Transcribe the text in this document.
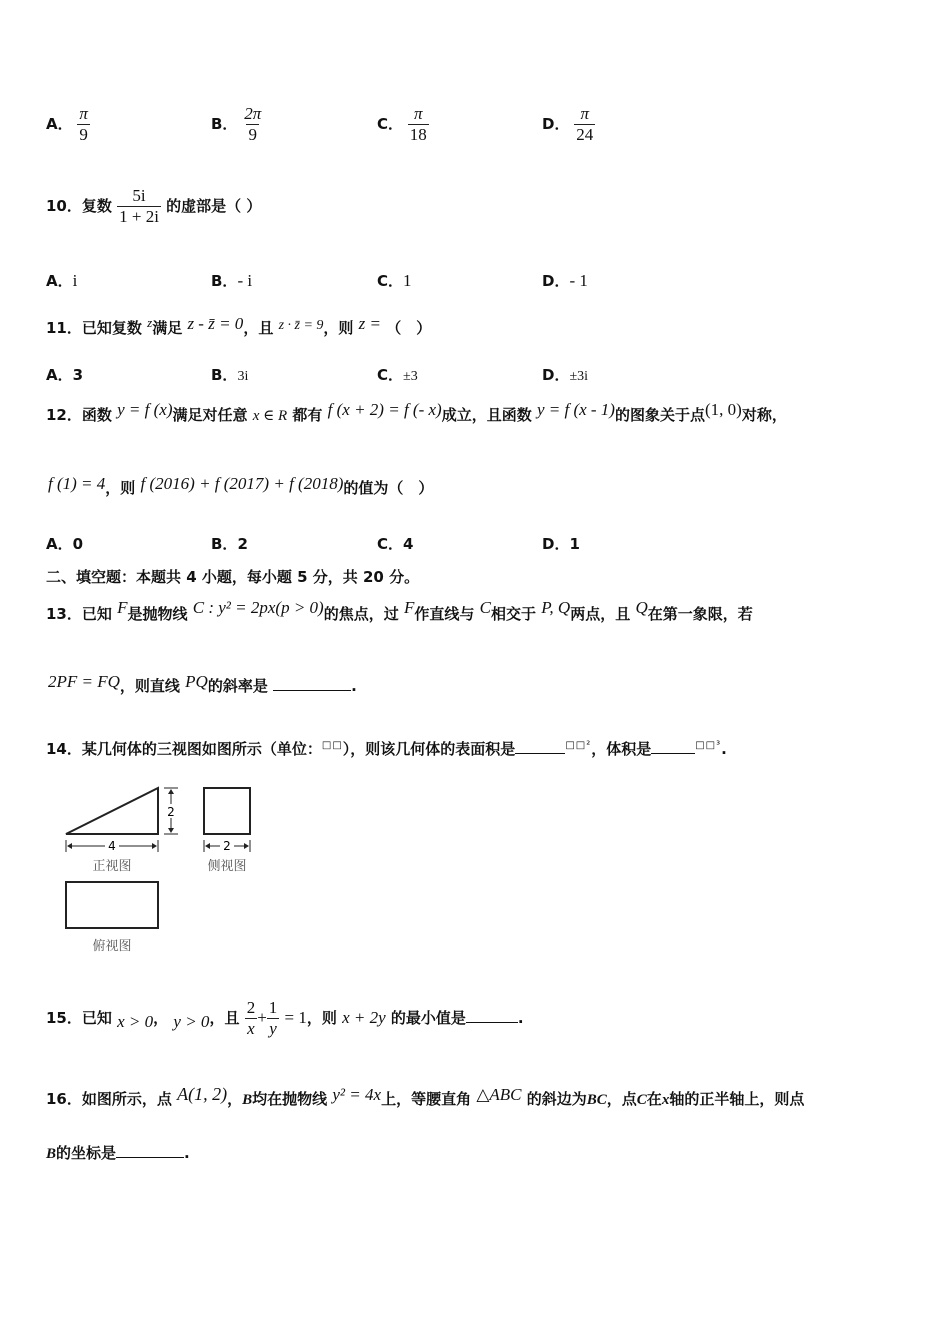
A． $\frac{\pi}{9}$	B． $\frac{2\pi}{9}$	C． $\frac{\pi}{18}$	D． $\frac{\pi}{24}$
10．复数 $\frac{5i}{1 + 2i}$ 的虚部是（ ）
A．i	B．- i	C．1	D．- 1
11．已知复数 z满足 z - z̄ = 0，且 z · z̄ = 9，则 z = （　）
A．3	B．3i	C．±3	D．±3i
12．函数 y = f (x)满足对任意 x ∈ R 都有 f (x + 2) = f (- x)成立，且函数 y = f (x - 1)的图象关于点(1, 0)对称，
f (1) = 4，则 f (2016) + f (2017) + f (2018)的值为（　）
A．0	B．2	C．4	D．1
二、填空题：本题共 4 小题，每小题 5 分，共 20 分。
13．已知 F是抛物线 C : y² = 2px(p > 0)的焦点，过 F作直线与 C相交于 P, Q两点，且 Q在第一象限，若
2PF = FQ，则直线 PQ的斜率是	.
14．某几何体的三视图如图所示（单位：□□），则该几何体的表面积是	$^{□□^2}$，体积是	$^{□□^3}$.
2
4
正视图
2
侧视图
俯视图
15．已知 x > 0， y > 0，且 $\frac{2}{x} + \frac{1}{y} = 1$，则 x + 2y 的最小值是	.
16．如图所示，点 A(1, 2)，B均在抛物线 y² = 4x上，等腰直角 △ABC 的斜边为BC，点C在x轴的正半轴上，则点
B的坐标是	.
